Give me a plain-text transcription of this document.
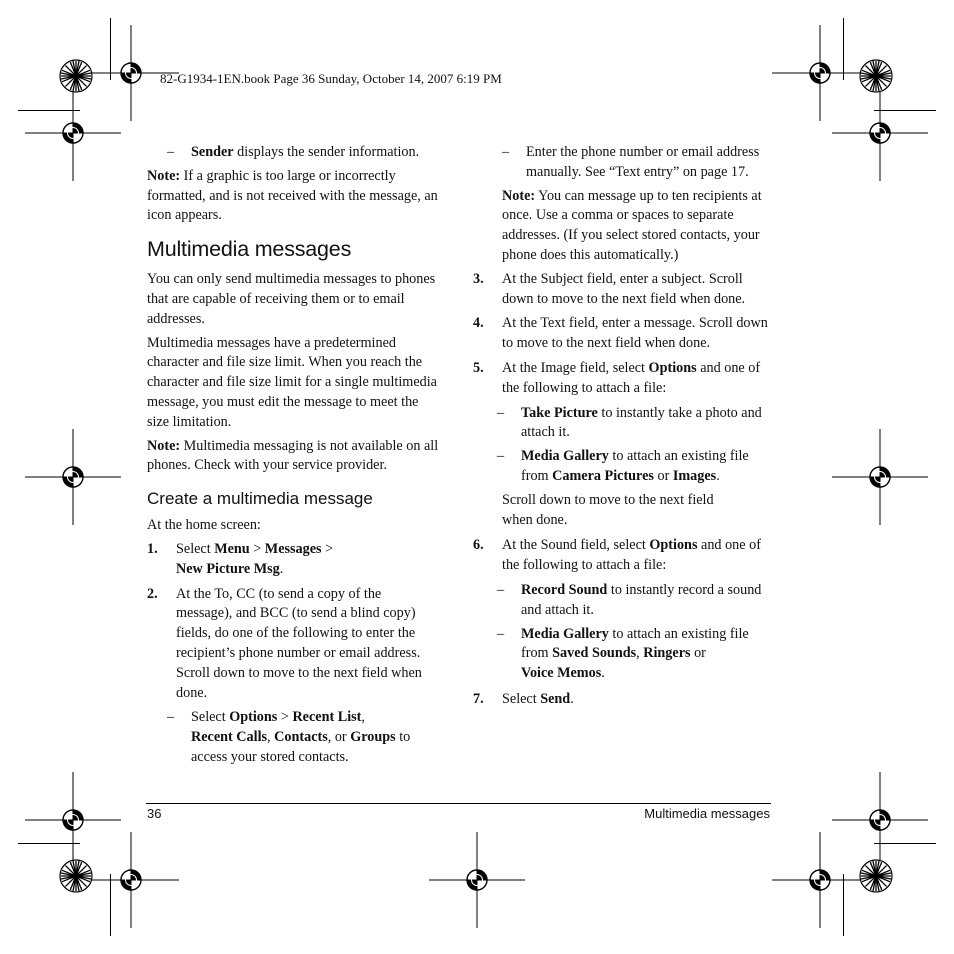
82-G1934-1EN.book Page 36 Sunday, October 14, 2007 6:19 PM
– Sender displays the sender information.

Note: If a graphic is too large or incorrectly formatted, and is not received with the message, an icon appears.

Multimedia messages

You can only send multimedia messages to phones that are capable of receiving them or to email addresses.

Multimedia messages have a predetermined character and file size limit. When you reach the character and file size limit for a single multimedia message, you must edit the message to meet the size limitation.

Note: Multimedia messaging is not available on all phones. Check with your service provider.

Create a multimedia message

At the home screen:

1. Select Menu > Messages >
New Picture Msg.
2. At the To, CC (to send a copy of the message), and BCC (to send a blind copy) fields, do one of the following to enter the recipient’s phone number or email address. Scroll down to move to the next field when done.
– Select Options > Recent List,
Recent Calls, Contacts, or Groups to access your stored contacts.
– Enter the phone number or email address manually. See “Text entry” on page 17.

Note: You can message up to ten recipients at once. Use a comma or spaces to separate addresses. (If you select stored contacts, your phone does this automatically.)

3. At the Subject field, enter a subject. Scroll down to move to the next field when done.
4. At the Text field, enter a message. Scroll down to move to the next field when done.
5. At the Image field, select Options and one of the following to attach a file:
– Take Picture to instantly take a photo and attach it.
– Media Gallery to attach an existing file from Camera Pictures or Images.

Scroll down to move to the next field when done.

6. At the Sound field, select Options and one of the following to attach a file:
– Record Sound to instantly record a sound and attach it.
– Media Gallery to attach an existing file from Saved Sounds, Ringers or
Voice Memos.
7. Select Send.
36	Multimedia messages
